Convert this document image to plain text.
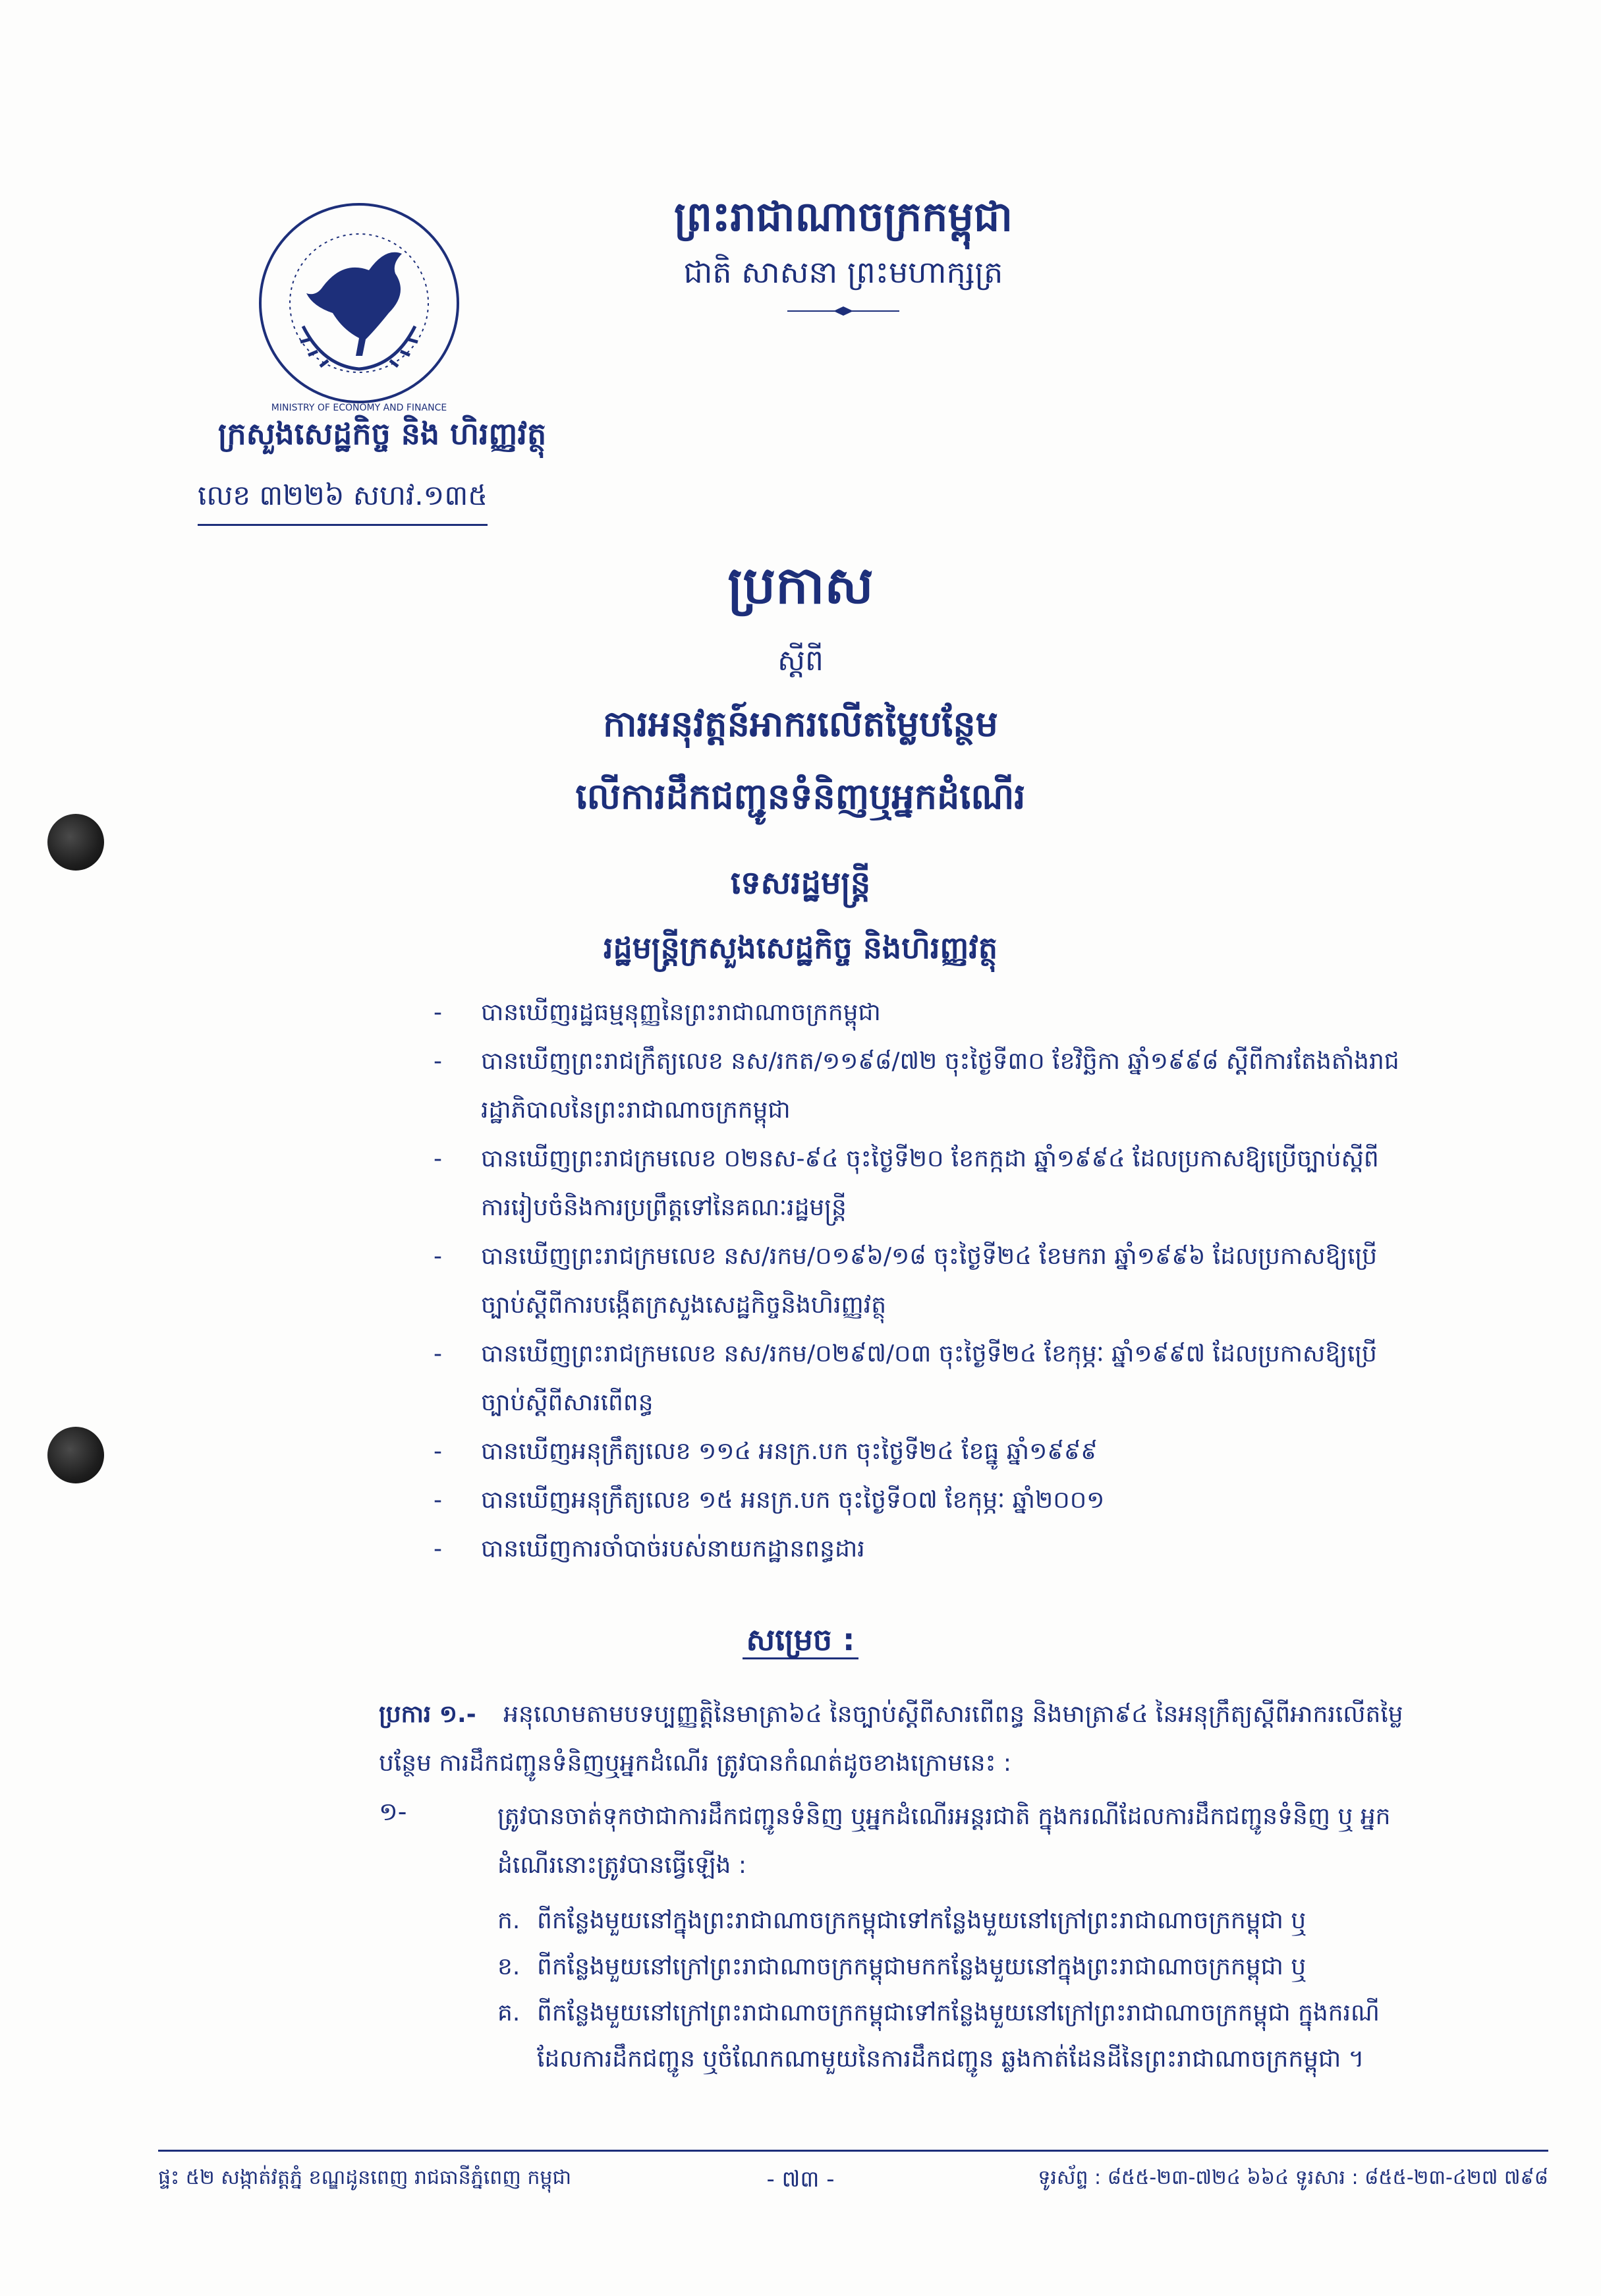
MINISTRY OF ECONOMY AND FINANCE
ក្រសួងសេដ្ឋកិច្ច និង ហិរញ្ញវត្ថុ
លេខ ៣២២៦ សហវ.១៣៥
ព្រះរាជាណាចក្រកម្ពុជា
ជាតិ សាសនា ព្រះមហាក្សត្រ
ប្រកាស
ស្តីពី
ការអនុវត្តន៍អាករលើតម្លៃបន្ថែម
លើការដឹកជញ្ជូនទំនិញឬអ្នកដំណើរ
ទេសរដ្ឋមន្ត្រី
រដ្ឋមន្ត្រីក្រសួងសេដ្ឋកិច្ច និងហិរញ្ញវត្ថុ
- បានឃើញរដ្ឋធម្មនុញ្ញនៃព្រះរាជាណាចក្រកម្ពុជា
- បានឃើញព្រះរាជក្រឹត្យលេខ នស/រកត/១១៩៨/៧២ ចុះថ្ងៃទី៣០ ខែវិច្ឆិកា ឆ្នាំ១៩៩៨ ស្តីពីការតែងតាំងរាជរដ្ឋាភិបាលនៃព្រះរាជាណាចក្រកម្ពុជា
- បានឃើញព្រះរាជក្រមលេខ ០២នស-៩៤ ចុះថ្ងៃទី២០ ខែកក្កដា ឆ្នាំ១៩៩៤ ដែលប្រកាសឱ្យប្រើច្បាប់ស្តីពីការរៀបចំនិងការប្រព្រឹត្តទៅនៃគណៈរដ្ឋមន្ត្រី
- បានឃើញព្រះរាជក្រមលេខ នស/រកម/០១៩៦/១៨ ចុះថ្ងៃទី២៤ ខែមករា ឆ្នាំ១៩៩៦ ដែលប្រកាសឱ្យប្រើច្បាប់ស្តីពីការបង្កើតក្រសួងសេដ្ឋកិច្ចនិងហិរញ្ញវត្ថុ
- បានឃើញព្រះរាជក្រមលេខ នស/រកម/០២៩៧/០៣ ចុះថ្ងៃទី២៤ ខែកុម្ភៈ ឆ្នាំ១៩៩៧ ដែលប្រកាសឱ្យប្រើច្បាប់ស្តីពីសារពើពន្ធ
- បានឃើញអនុក្រឹត្យលេខ ១១៤ អនក្រ.បក ចុះថ្ងៃទី២៤ ខែធ្នូ ឆ្នាំ១៩៩៩
- បានឃើញអនុក្រឹត្យលេខ ១៥ អនក្រ.បក ចុះថ្ងៃទី០៧ ខែកុម្ភៈ ឆ្នាំ២០០១
- បានឃើញការចាំបាច់របស់នាយកដ្ឋានពន្ធដារ
សម្រេច :
ប្រការ ១.- អនុលោមតាមបទប្បញ្ញត្តិនៃមាត្រា៦៤ នៃច្បាប់ស្តីពីសារពើពន្ធ និងមាត្រា៩៤ នៃអនុក្រឹត្យស្តីពីអាករលើតម្លៃបន្ថែម ការដឹកជញ្ជូនទំនិញឬអ្នកដំណើរ ត្រូវបានកំណត់ដូចខាងក្រោមនេះ :
១-	ត្រូវបានចាត់ទុកថាជាការដឹកជញ្ជូនទំនិញ ឬអ្នកដំណើរអន្តរជាតិ ក្នុងករណីដែលការដឹកជញ្ជូនទំនិញ ឬ អ្នកដំណើរនោះត្រូវបានធ្វើឡើង :
ក. ពីកន្លែងមួយនៅក្នុងព្រះរាជាណាចក្រកម្ពុជាទៅកន្លែងមួយនៅក្រៅព្រះរាជាណាចក្រកម្ពុជា ឬ
ខ. ពីកន្លែងមួយនៅក្រៅព្រះរាជាណាចក្រកម្ពុជាមកកន្លែងមួយនៅក្នុងព្រះរាជាណាចក្រកម្ពុជា ឬ
គ. ពីកន្លែងមួយនៅក្រៅព្រះរាជាណាចក្រកម្ពុជាទៅកន្លែងមួយនៅក្រៅព្រះរាជាណាចក្រកម្ពុជា ក្នុងករណីដែលការដឹកជញ្ជូន ឬចំណែកណាមួយនៃការដឹកជញ្ជូន ឆ្លងកាត់ដែនដីនៃព្រះរាជាណាចក្រកម្ពុជា ។
ផ្ទះ ៥២ សង្កាត់វត្តភ្នំ ខណ្ឌដូនពេញ រាជធានីភ្នំពេញ កម្ពុជា	- ៧៣ -	ទូរស័ព្ទ : ៨៥៥-២៣-៧២៤ ៦៦៤ ទូរសារ : ៨៥៥-២៣-៤២៧ ៧៩៨
